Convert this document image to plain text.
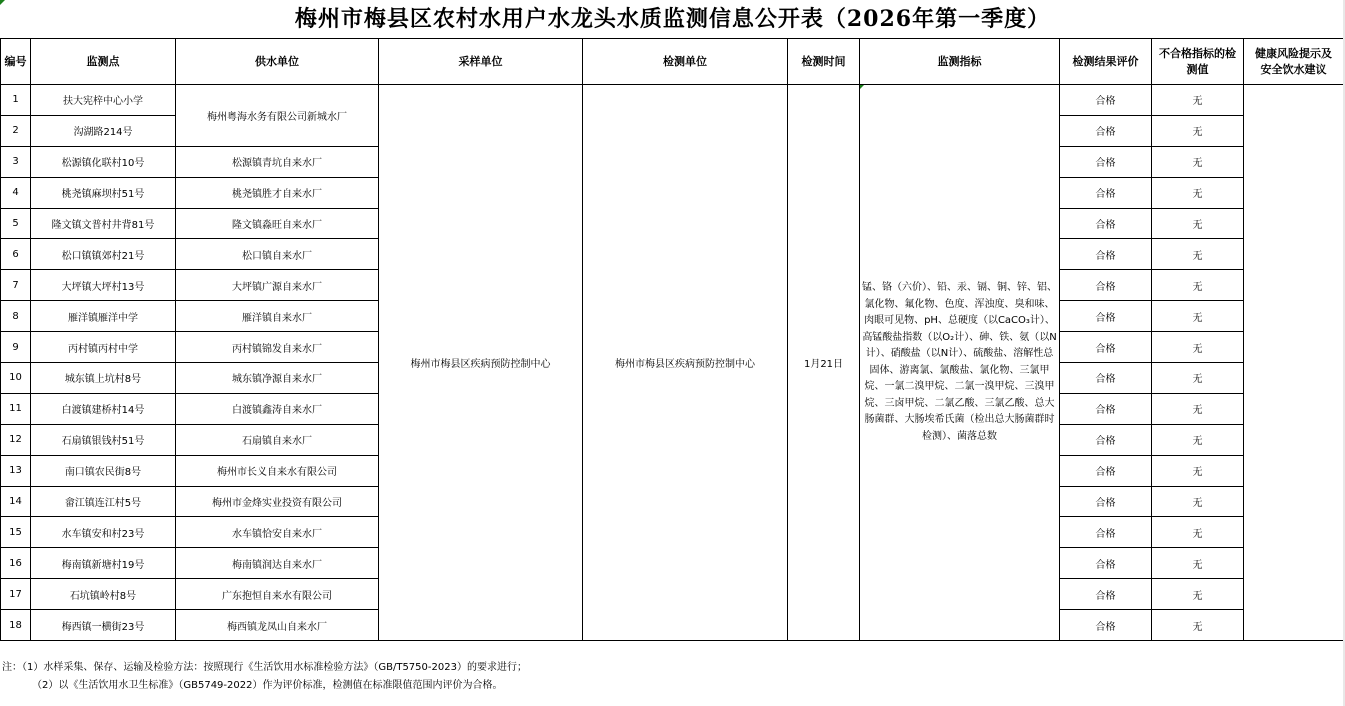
梅州市梅县区农村水用户水龙头水质监测信息公开表（2026年第一季度）
编号	监测点	供水单位	采样单位	检测单位	检测时间	监测指标	检测结果评价	不合格指标的检测值	健康风险提示及安全饮水建议
1	扶大宪梓中心小学	梅州粤海水务有限公司新城水厂	梅州市梅县区疾病预防控制中心	梅州市梅县区疾病预防控制中心	1月21日	锰、铬（六价）、铅、汞、镉、铜、锌、铝、氯化物、氟化物、色度、浑浊度、臭和味、肉眼可见物、pH、总硬度（以CaCO₃计）、高锰酸盐指数（以O₂计）、砷、铁、氨（以N计）、硝酸盐（以N计）、硫酸盐、溶解性总固体、游离氯、氯酸盐、氯化物、三氯甲烷、一氯二溴甲烷、二氯一溴甲烷、三溴甲烷、三卤甲烷、二氯乙酸、三氯乙酸、总大肠菌群、大肠埃希氏菌（检出总大肠菌群时检测）、菌落总数	合格	无	
2	沟湖路214号						合格	无	
3	松源镇化联村10号	松源镇青坑自来水厂					合格	无	
4	桃尧镇麻坝村51号	桃尧镇胜才自来水厂					合格	无	
5	隆文镇文普村井背81号	隆文镇淼旺自来水厂					合格	无	
6	松口镇镇郊村21号	松口镇自来水厂					合格	无	
7	大坪镇大坪村13号	大坪镇广源自来水厂					合格	无	
8	雁洋镇雁洋中学	雁洋镇自来水厂					合格	无	
9	丙村镇丙村中学	丙村镇锦发自来水厂					合格	无	
10	城东镇上坑村8号	城东镇净源自来水厂					合格	无	
11	白渡镇建桥村14号	白渡镇鑫涛自来水厂					合格	无	
12	石扇镇银钱村51号	石扇镇自来水厂					合格	无	
13	南口镇农民街8号	梅州市长义自来水有限公司					合格	无	
14	畲江镇连江村5号	梅州市金烽实业投资有限公司					合格	无	
15	水车镇安和村23号	水车镇恰安自来水厂					合格	无	
16	梅南镇新塘村19号	梅南镇润达自来水厂					合格	无	
17	石坑镇岭村8号	广东抱恒自来水有限公司					合格	无	
18	梅西镇一横街23号	梅西镇龙凤山自来水厂					合格	无	
注：（1）水样采集、保存、运输及检验方法：按照现行《生活饮用水标准检验方法》（GB/T5750-2023）的要求进行；
（2）以《生活饮用水卫生标准》（GB5749-2022）作为评价标准，检测值在标准限值范围内评价为合格。
